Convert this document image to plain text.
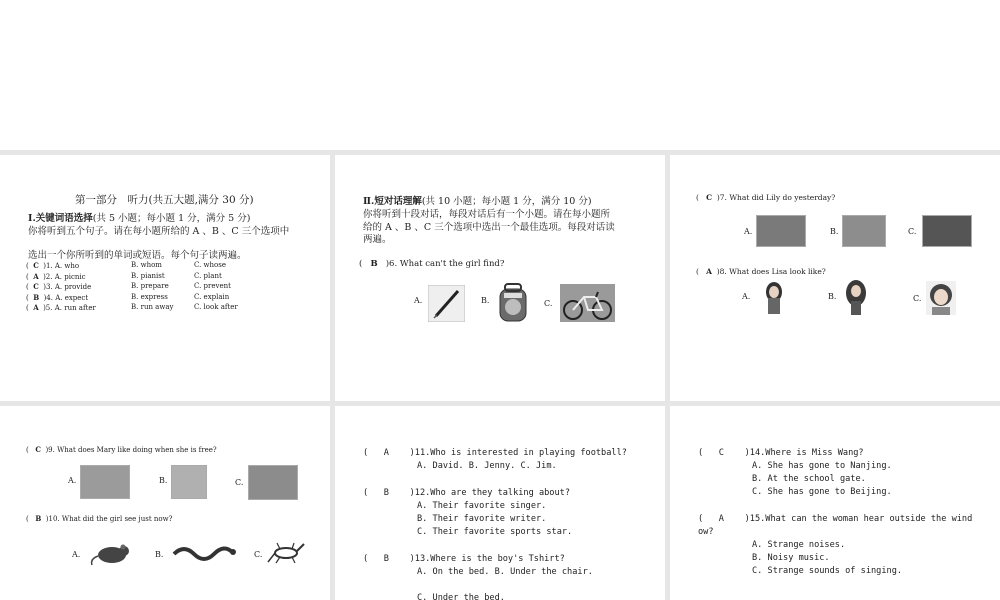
第一部分　听力(共五大题,满分 30 分)
Ⅰ.关键词语选择(共 5 小题；每小题 1 分，满分 5 分)
你将听到五个句子。请在每小题所给的 A 、B 、C 三个选项中
选出一个你所听到的单词或短语。每个句子读两遍。
( C )1. A. who	B. whom	C. whose
( A )2. A. picnic	B. pianist	C. plant
( C )3. A. provide	B. prepare	C. prevent
( B )4. A. expect	B. express	C. explain
( A )5. A. run after	B. run away	C. look after
Ⅱ.短对话理解(共 10 小题；每小题 1 分，满分 10 分)
你将听到十段对话，每段对话后有一个小题。请在每小题所
给的 A 、B 、C 三个选项中选出一个最佳选项。每段对话读
两遍。
( B )6. What can't the girl find?
A.	B.	C.
( C )7. What did Lily do yesterday?
A.	B.	C.
( A )8. What does Lisa look like?
A.	B.	C.
( C )9. What does Mary like doing when she is free?
A.	B.	C.
( B )10. What did the girl see just now?
A.	B.	C.
( A )11.Who is interested in playing football?
A. David. B. Jenny. C. Jim.
( B )12.Who are they talking about?
A. Their favorite singer.
B. Their favorite writer.
C. Their favorite sports star.
( B )13.Where is the boy's Tshirt?
A. On the bed. B. Under the chair.
C. Under the bed.
( C )14.Where is Miss Wang?
A. She has gone to Nanjing.
B. At the school gate.
C. She has gone to Beijing.
( A )15.What can the woman hear outside the wind
ow?
A. Strange noises.
B. Noisy music.
C. Strange sounds of singing.
